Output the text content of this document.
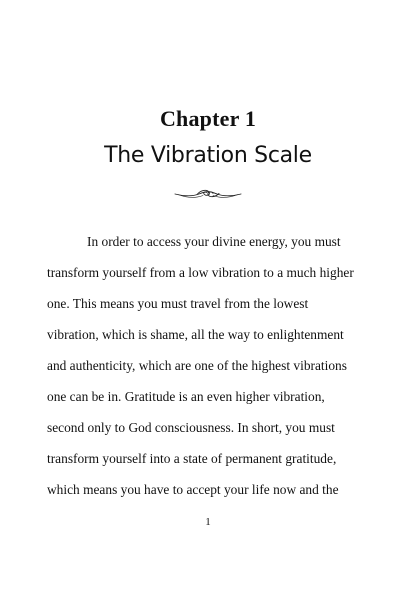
Chapter 1
The Vibration Scale

In order to access your divine energy, you must
transform yourself from a low vibration to a much higher
one. This means you must travel from the lowest
vibration, which is shame, all the way to enlightenment
and authenticity, which are one of the highest vibrations
one can be in. Gratitude is an even higher vibration,
second only to God consciousness. In short, you must
transform yourself into a state of permanent gratitude,
which means you have to accept your life now and the

1
